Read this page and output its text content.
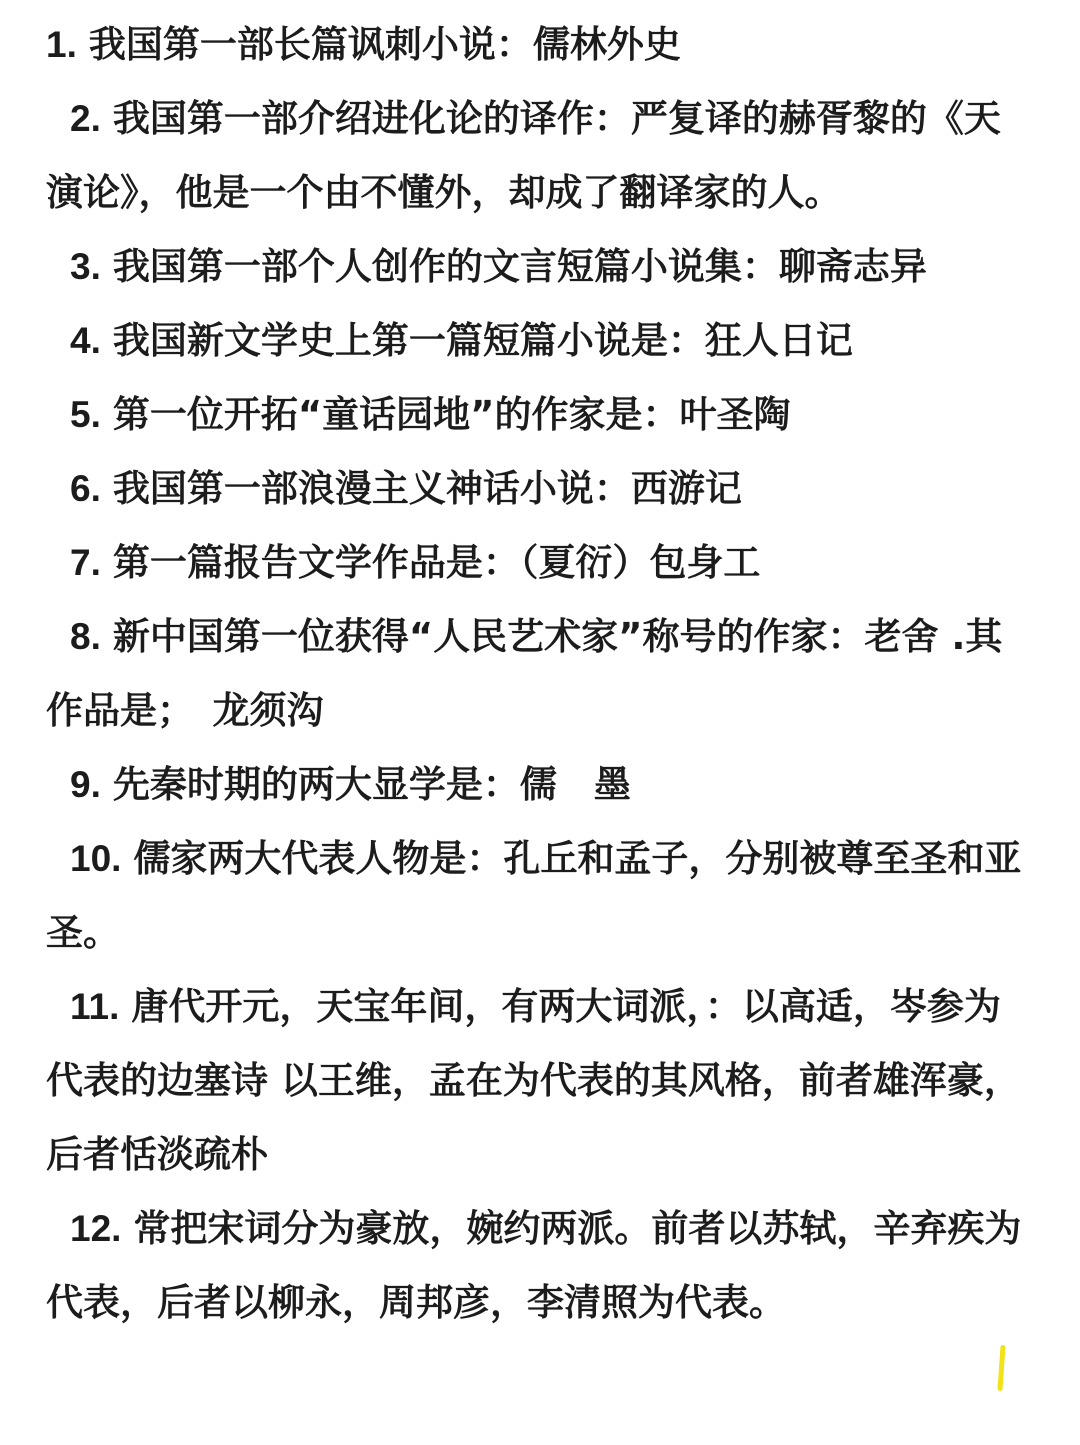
1. 我国第一部长篇讽刺小说：儒林外史

2. 我国第一部介绍进化论的译作：严复译的赫胥黎的《天演论》，他是一个由不懂外，却成了翻译家的人。

3. 我国第一部个人创作的文言短篇小说集：聊斋志异

4. 我国新文学史上第一篇短篇小说是：狂人日记

5. 第一位开拓“童话园地”的作家是：叶圣陶

6. 我国第一部浪漫主义神话小说：西游记

7. 第一篇报告文学作品是：（夏衍）包身工

8. 新中国第一位获得“人民艺术家”称号的作家：老舍 .其作品是；　龙须沟

9. 先秦时期的两大显学是：儒　墨

10. 儒家两大代表人物是：孔丘和孟子，分别被尊至圣和亚圣。

11. 唐代开元，天宝年间，有两大词派，：以高适，岑参为代表的边塞诗 以王维，孟在为代表的其风格，前者雄浑豪，后者恬淡疏朴

12. 常把宋词分为豪放，婉约两派。前者以苏轼，辛弃疾为代表，后者以柳永，周邦彦，李清照为代表。
